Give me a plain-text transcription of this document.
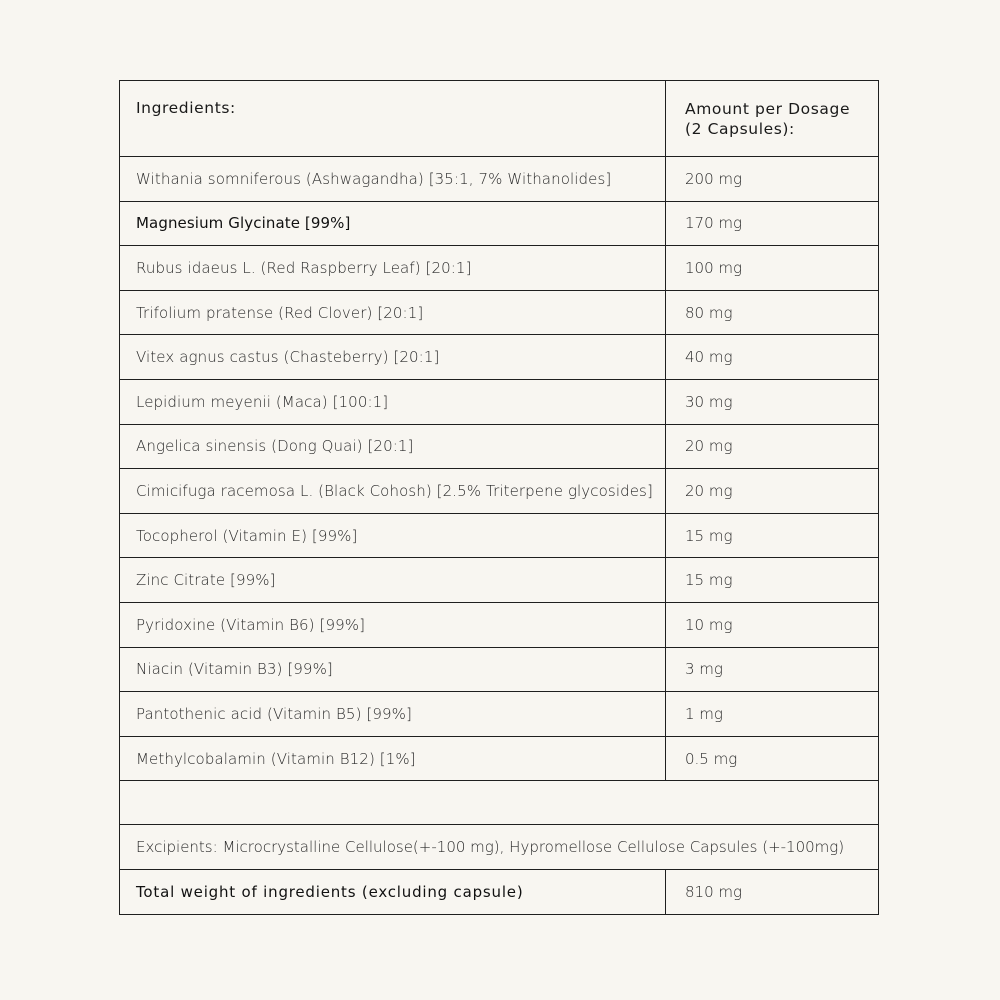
Ingredients:	Amount per Dosage
(2 Capsules):
Withania somniferous (Ashwagandha) [35:1, 7% Withanolides]	200 mg
Magnesium Glycinate [99%]	170 mg
Rubus idaeus L. (Red Raspberry Leaf) [20:1]	100 mg
Trifolium pratense (Red Clover) [20:1]	80 mg
Vitex agnus castus (Chasteberry) [20:1]	40 mg
Lepidium meyenii (Maca) [100:1]	30 mg
Angelica sinensis (Dong Quai) [20:1]	20 mg
Cimicifuga racemosa L. (Black Cohosh) [2.5% Triterpene glycosides]	20 mg
Tocopherol (Vitamin E) [99%]	15 mg
Zinc Citrate [99%]	15 mg
Pyridoxine (Vitamin B6) [99%]	10 mg
Niacin (Vitamin B3) [99%]	3 mg
Pantothenic acid (Vitamin B5) [99%]	1 mg
Methylcobalamin (Vitamin B12) [1%]	0.5 mg
Excipients: Microcrystalline Cellulose(+-100 mg), Hypromellose Cellulose Capsules (+-100mg)
Total weight of ingredients (excluding capsule)	810 mg
